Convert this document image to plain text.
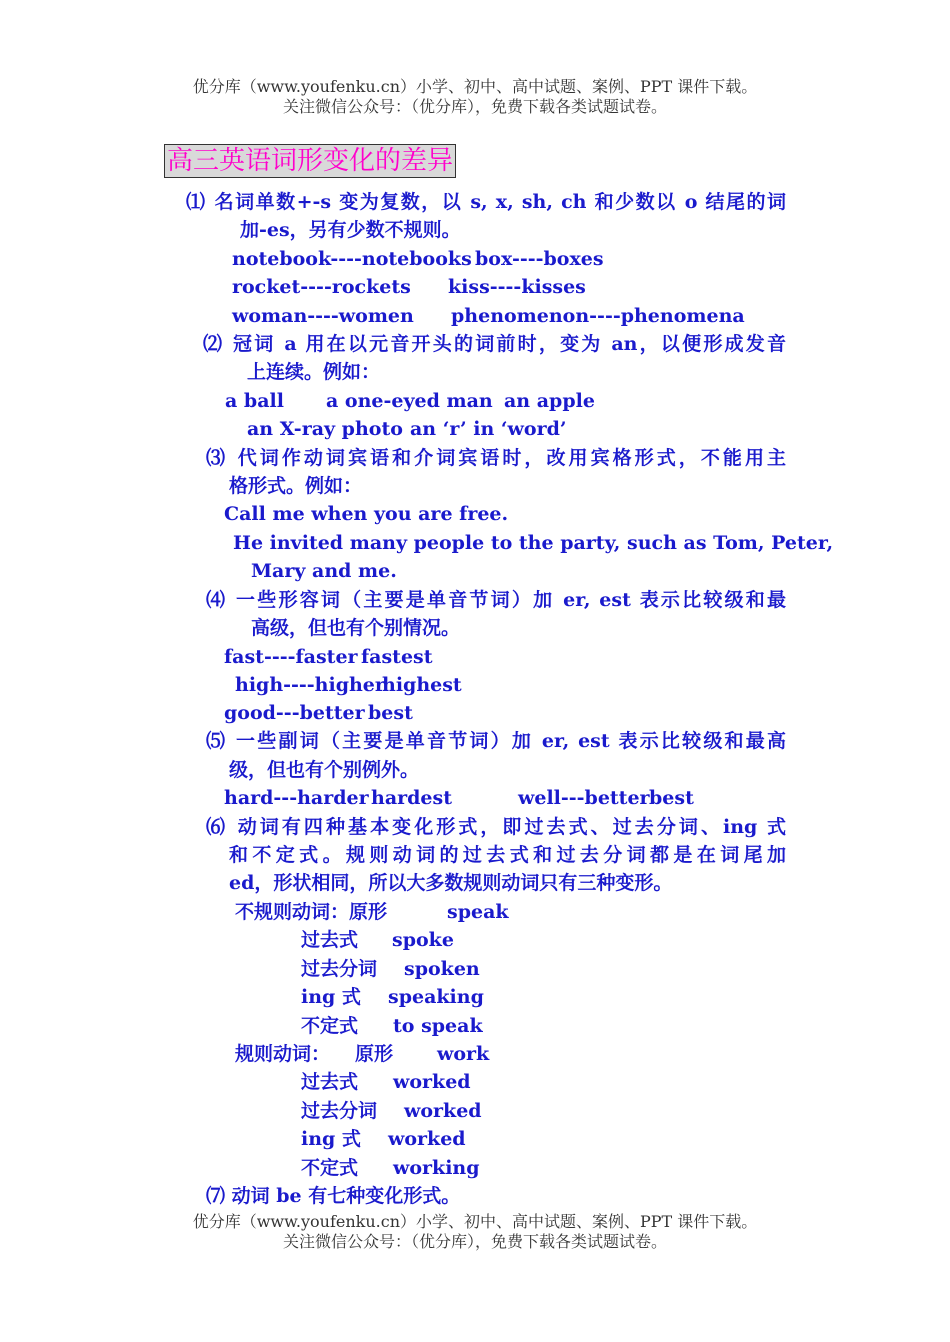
优分库（www.youfenku.cn）小学、初中、高中试题、案例、PPT 课件下载。
关注微信公众号：（优分库），免费下载各类试题试卷。
高三英语词形变化的差异
⑴ 名词单数+-s 变为复数，以 s, x, sh, ch 和少数以 o 结尾的词
加-es，另有少数不规则。
notebook----notebooks box----boxes
rocket----rockets kiss----kisses
woman----women phenomenon----phenomena
⑵ 冠词 a 用在以元音开头的词前时，变为 an，以便形成发音
上连续。例如：
a ball a one-eyed man an apple
an X-ray photo an ‘r’ in ‘word’
⑶ 代词作动词宾语和介词宾语时，改用宾格形式，不能用主
格形式。例如：
Call me when you are free.
He invited many people to the party, such as Tom, Peter,
Mary and me.
⑷ 一些形容词（主要是单音节词）加 er, est 表示比较级和最
高级，但也有个别情况。
fast----faster fastest
high----higher
highest
good---better best
⑸ 一些副词（主要是单音节词）加 er, est 表示比较级和最高
级，但也有个别例外。
hard---harder hardest	well---better best
⑹ 动词有四种基本变化形式，即过去式、过去分词、ing 式
和不定式。规则动词的过去式和过去分词都是在词尾加
ed，形状相同，所以大多数规则动词只有三种变形。
不规则动词：原形	speak
过去式 spoke
过去分词 spoken
ing 式 speaking
不定式 to speak
规则动词： 原形 work
过去式 worked
过去分词 worked
ing 式 worked
不定式 working
⑺ 动词 be 有七种变化形式。
优分库（www.youfenku.cn）小学、初中、高中试题、案例、PPT 课件下载。
关注微信公众号：（优分库），免费下载各类试题试卷。
